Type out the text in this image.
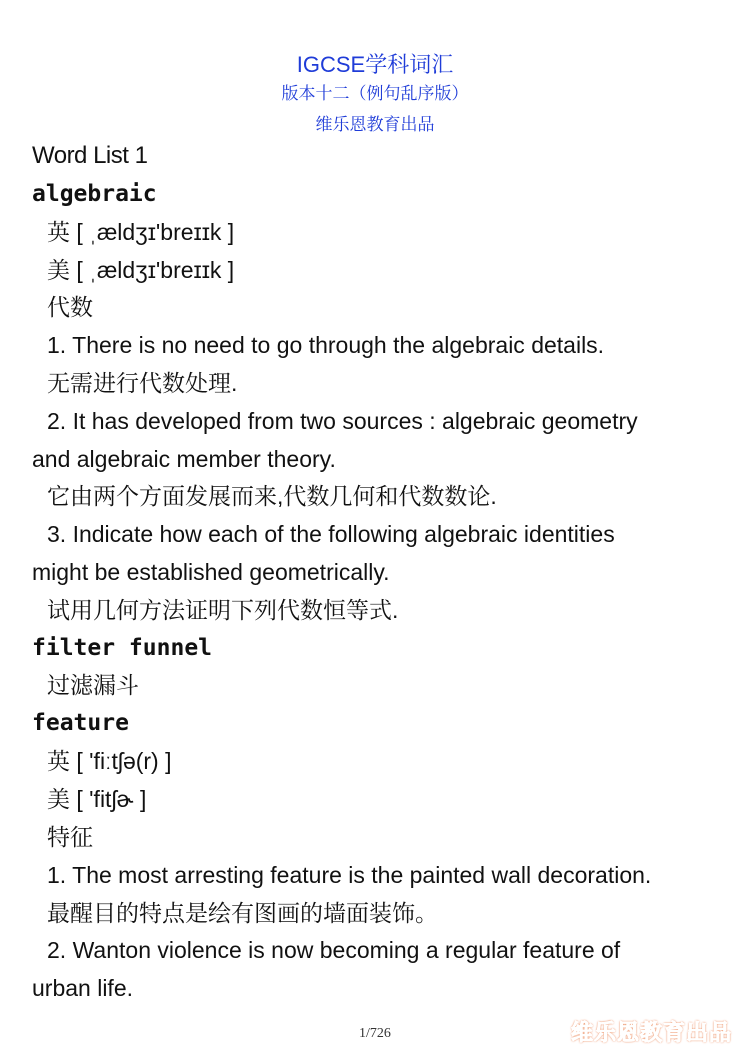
IGCSE学科词汇
版本十二（例句乱序版）
维乐恩教育出品
Word List 1
algebraic
英 [ ˌældʒɪ'breɪɪk ]
美 [ ˌældʒɪ'breɪɪk ]
代数
1. There is no need to go through the algebraic details.
无需进行代数处理.
2. It has developed from two sources : algebraic geometry
and algebraic member theory.
它由两个方面发展而来,代数几何和代数数论.
3. Indicate how each of the following algebraic identities
might be established geometrically.
试用几何方法证明下列代数恒等式.
filter funnel
过滤漏斗
feature
英 [ 'fiːtʃə(r) ]
美 [ 'fitʃɚ ]
特征
1. The most arresting feature is the painted wall decoration.
最醒目的特点是绘有图画的墙面装饰。
2. Wanton violence is now becoming a regular feature of
urban life.
1/726	维乐恩教育出品
